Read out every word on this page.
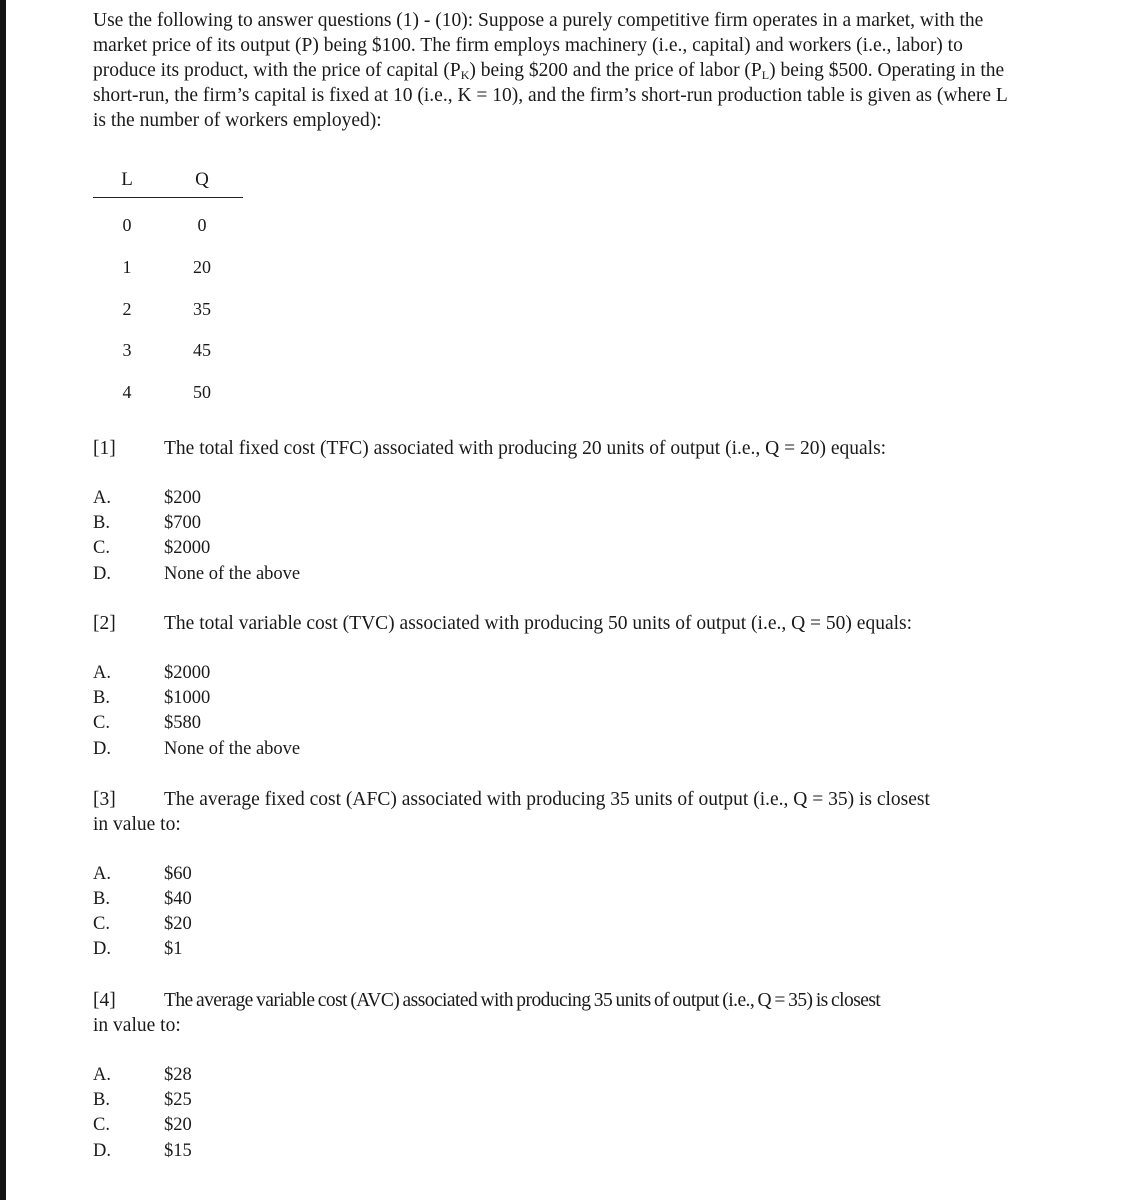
Use the following to answer questions (1) - (10): Suppose a purely competitive firm operates in a market, with the market price of its output (P) being $100. The firm employs machinery (i.e., capital) and workers (i.e., labor) to produce its product, with the price of capital $(P_K)$ being $200 and the price of labor $(P_L)$ being $500. Operating in the short-run, the firm’s capital is fixed at 10 (i.e., K = 10), and the firm’s short-run production table is given as (where L is the number of workers employed):

L	Q
0	0
1	20
2	35
3	45
4	50
[1] The total fixed cost (TFC) associated with producing 20 units of output (i.e., Q = 20) equals:
A.	$200
B.	$700
C.	$2000
D.	None of the above
[2] The total variable cost (TVC) associated with producing 50 units of output (i.e., Q = 50) equals:
A.	$2000
B.	$1000
C.	$580
D.	None of the above
[3] The average fixed cost (AFC) associated with producing 35 units of output (i.e., Q = 35) is closest
in value to:
A.	$60
B.	$40
C.	$20
D.	$1
[4] The average variable cost (AVC) associated with producing 35 units of output (i.e., Q = 35) is closest
in value to:
A.	$28
B.	$25
C.	$20
D.	$15
